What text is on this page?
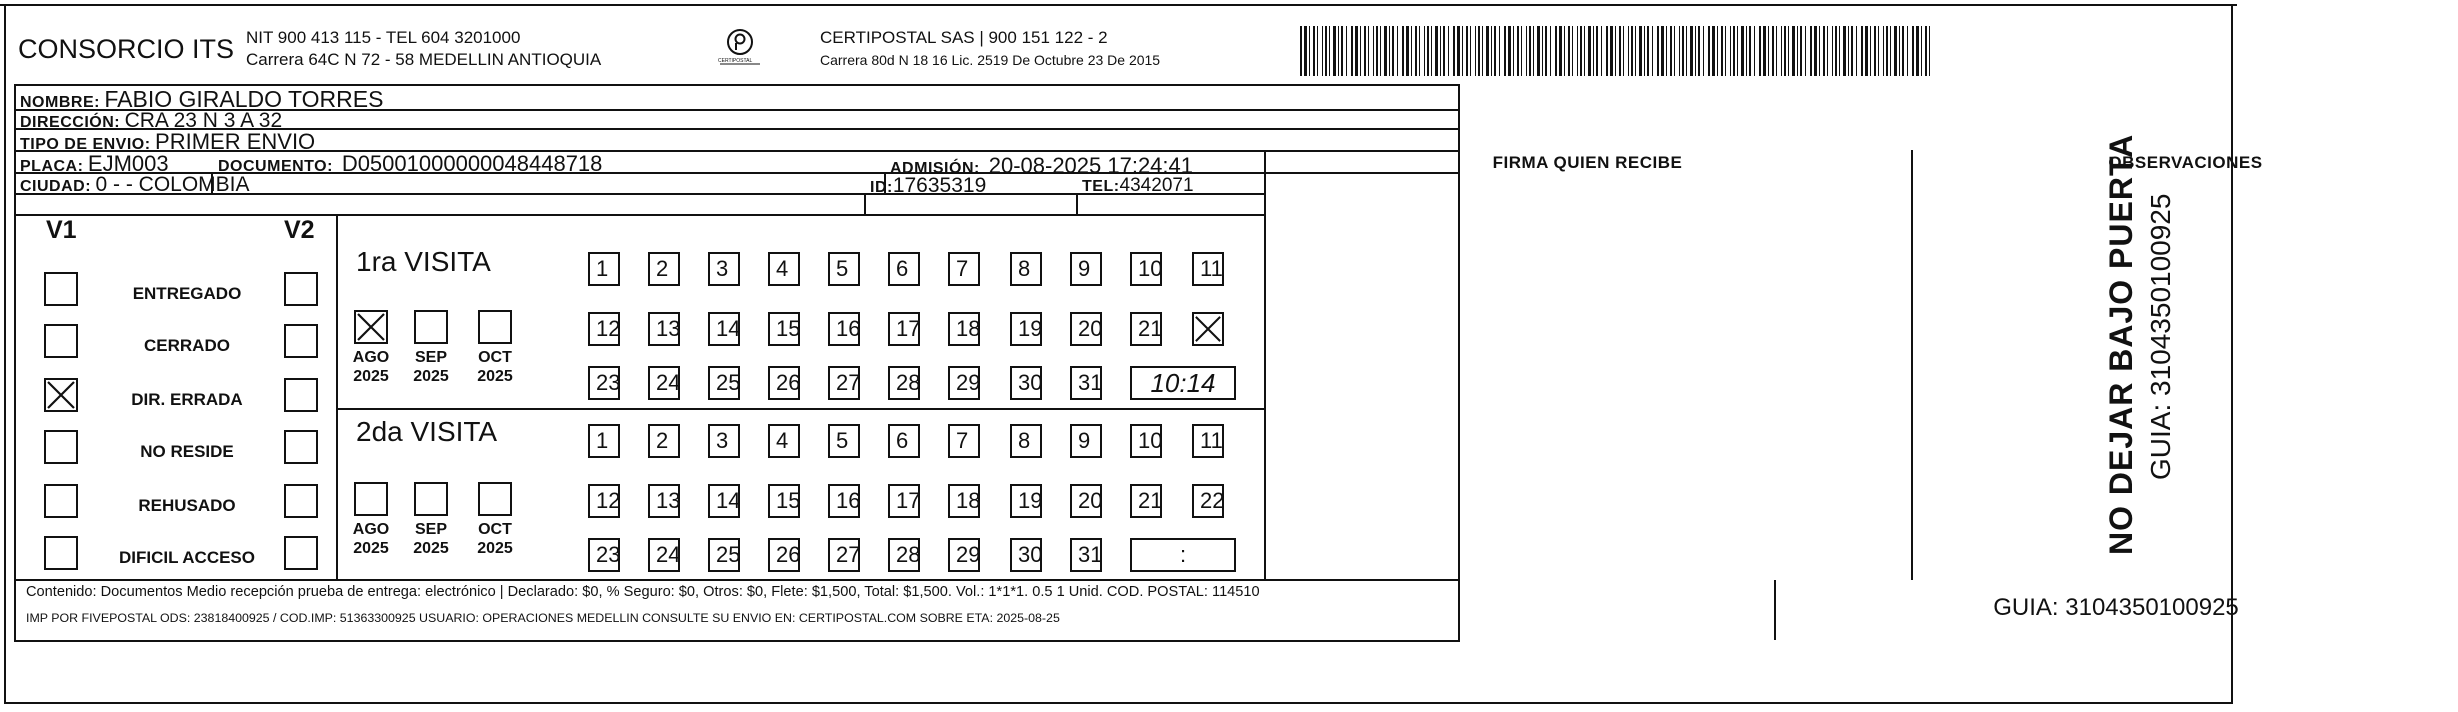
CONSORCIO ITS NIT 900 413 115 - TEL 604 3201000
Carrera 64C N 72 - 58 MEDELLIN ANTIOQUIA	CERTIPOSTAL
CERTIPOSTAL SAS | 900 151 122 - 2
Carrera 80d N 18 16 Lic. 2519 De Octubre 23 De 2015
NOMBRE: FABIO GIRALDO TORRES
DIRECCIÓN: CRA 23 N 3 A 32
TIPO DE ENVIO: PRIMER ENVIO
PLACA: EJM003	DOCUMENTO: D05001000000048448718	ADMISIÓN: 20-08-2025 17:24:41
CIUDAD: 0 - - COLOMBIA	ID:17635319	TEL:4342071
FIRMA QUIEN RECIBE	OBSERVACIONES
V1	V2
ENTREGADO
CERRADO
DIR. ERRADA
NO RESIDE
REHUSADO
DIFICIL ACCESO
1ra VISITA
2da VISITA
AGO
2025
SEP
2025
OCT
2025
1	2	3	4	5	6	7	8	9	10	11
12	13	14	15	16	17	18	19	20	21
23	24	25	26	27	28	29	30	31	10:14
AGO
2025
SEP
2025
OCT
2025
1	2	3	4	5	6	7	8	9	10	11
12	13	14	15	16	17	18	19	20	21	22
23	24	25	26	27	28	29	30	31	:
Contenido: Documentos Medio recepción prueba de entrega: electrónico | Declarado: $0, % Seguro: $0, Otros: $0, Flete: $1,500, Total: $1,500. Vol.: 1*1*1. 0.5 1 Unid. COD. POSTAL: 114510
IMP POR FIVEPOSTAL ODS: 23818400925 / COD.IMP: 51363300925 USUARIO: OPERACIONES MEDELLIN CONSULTE SU ENVIO EN: CERTIPOSTAL.COM SOBRE ETA: 2025-08-25	GUIA: 3104350100925
NO DEJAR BAJO PUERTA GUIA: 3104350100925
